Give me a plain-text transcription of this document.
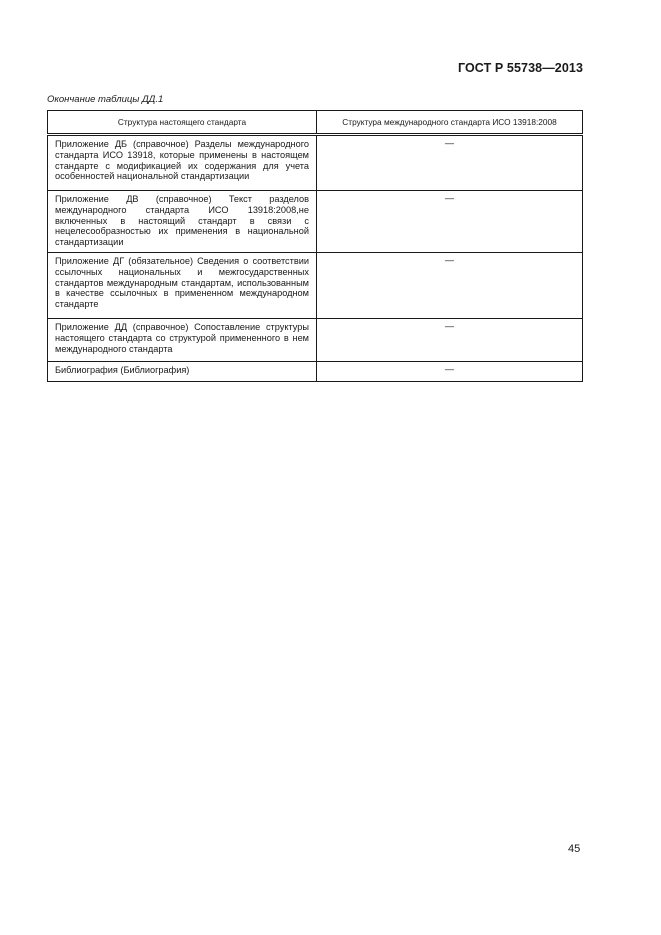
ГОСТ Р 55738—2013
Окончание таблицы ДД.1
Структура настоящего стандарта	Структура международного стандарта ИСО 13918:2008
Приложение ДБ (справочное) Разделы международного стандарта ИСО 13918, которые применены в настоящем стандарте с модификацией их содержания для учета особенностей национальной стандартизации	—
Приложение ДВ (справочное) Текст разделов международного стандарта ИСО 13918:2008,не включенных в настоящий стандарт в связи с нецелесообразностью их применения в национальной стандартизации	—
Приложение ДГ (обязательное) Сведения о соответствии ссылочных национальных и межгосударственных стандартов международным стандартам, использованным в качестве ссылочных в примененном международном стандарте	—
Приложение ДД (справочное) Сопоставление структуры настоящего стандарта со структурой примененного в нем международного стандарта	—
Библиография (Библиография)	—
45
